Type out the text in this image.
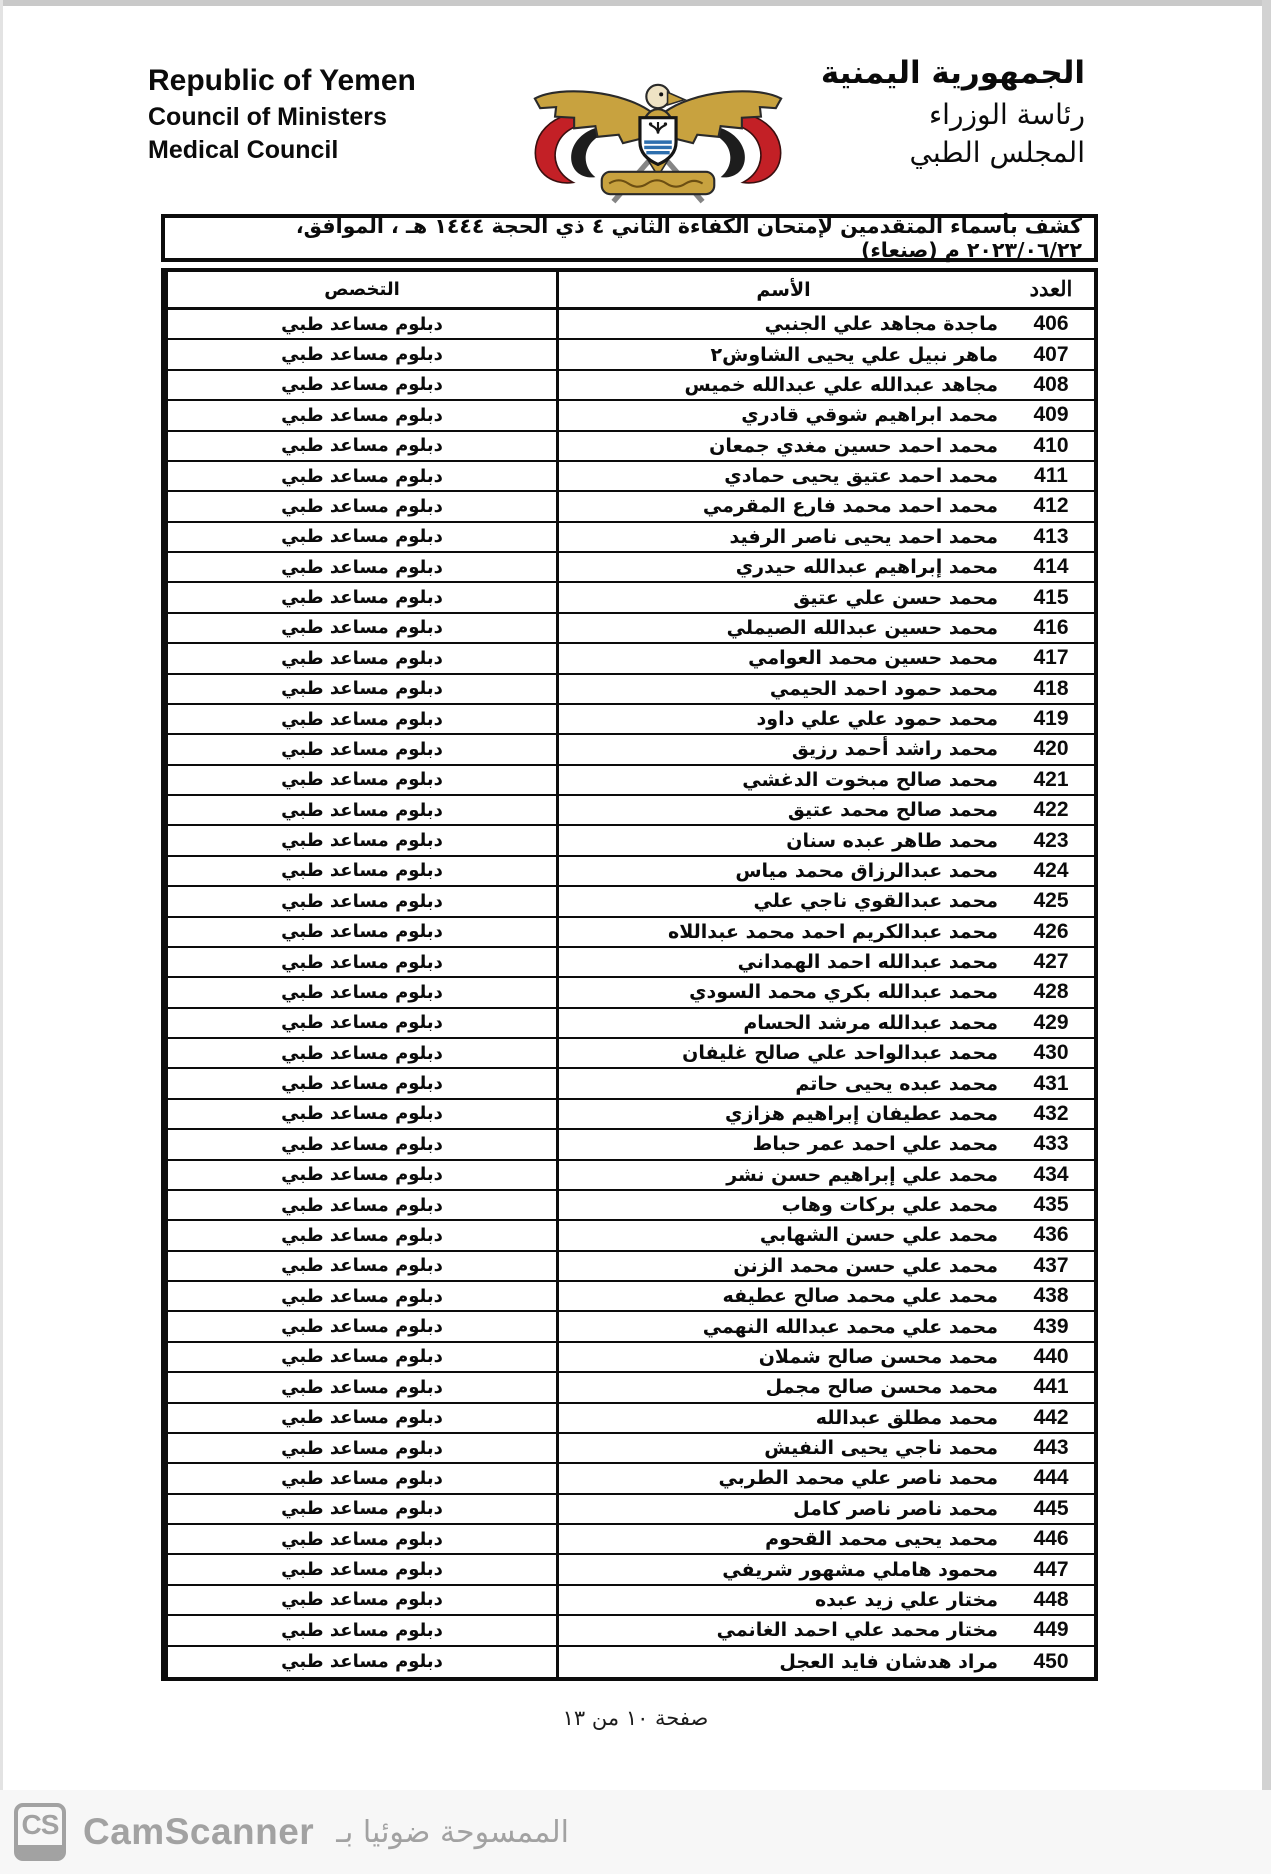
Republic of Yemen
Council of Ministers
Medical Council
الجمهورية اليمنية
رئاسة الوزراء
المجلس الطبي
كشف بأسماء المتقدمين لإمتحان الكفاءة الثاني ٤ ذي الحجة ١٤٤٤ هـ ، الموافق، ٢٠٢٣/٠٦/٢٢ م (صنعاء)
العدد
الأسم
التخصص
406
ماجدة مجاهد علي الجنبي
دبلوم مساعد طبي
407
ماهر نبيل علي يحيى الشاوش٢
دبلوم مساعد طبي
408
مجاهد عبدالله علي عبدالله خميس
دبلوم مساعد طبي
409
محمد ابراهيم شوقي قادري
دبلوم مساعد طبي
410
محمد احمد حسين مغدي جمعان
دبلوم مساعد طبي
411
محمد احمد عتيق يحيى حمادي
دبلوم مساعد طبي
412
محمد احمد محمد فارع المقرمي
دبلوم مساعد طبي
413
محمد احمد يحيى ناصر الرفيد
دبلوم مساعد طبي
414
محمد إبراهيم عبدالله حيدري
دبلوم مساعد طبي
415
محمد حسن علي عتيق
دبلوم مساعد طبي
416
محمد حسين عبدالله الصيملي
دبلوم مساعد طبي
417
محمد حسين محمد العوامي
دبلوم مساعد طبي
418
محمد حمود احمد الحيمي
دبلوم مساعد طبي
419
محمد حمود علي علي داود
دبلوم مساعد طبي
420
محمد راشد أحمد رزيق
دبلوم مساعد طبي
421
محمد صالح مبخوت الدغشي
دبلوم مساعد طبي
422
محمد صالح محمد عتيق
دبلوم مساعد طبي
423
محمد طاهر عبده سنان
دبلوم مساعد طبي
424
محمد عبدالرزاق محمد مياس
دبلوم مساعد طبي
425
محمد عبدالقوي ناجي علي
دبلوم مساعد طبي
426
محمد عبدالكريم احمد محمد عبداللاه
دبلوم مساعد طبي
427
محمد عبدالله احمد الهمداني
دبلوم مساعد طبي
428
محمد عبدالله بكري محمد السودي
دبلوم مساعد طبي
429
محمد عبدالله مرشد الحسام
دبلوم مساعد طبي
430
محمد عبدالواحد علي صالح غليفان
دبلوم مساعد طبي
431
محمد عبده يحيى حاتم
دبلوم مساعد طبي
432
محمد عطيفان إبراهيم هزازي
دبلوم مساعد طبي
433
محمد علي احمد عمر حباط
دبلوم مساعد طبي
434
محمد علي إبراهيم حسن نشر
دبلوم مساعد طبي
435
محمد علي بركات وهاب
دبلوم مساعد طبي
436
محمد علي حسن الشهابي
دبلوم مساعد طبي
437
محمد علي حسن محمد الزنن
دبلوم مساعد طبي
438
محمد علي محمد صالح عطيفه
دبلوم مساعد طبي
439
محمد علي محمد عبدالله النهمي
دبلوم مساعد طبي
440
محمد محسن صالح شملان
دبلوم مساعد طبي
441
محمد محسن صالح مجمل
دبلوم مساعد طبي
442
محمد مطلق عبدالله
دبلوم مساعد طبي
443
محمد ناجي يحيى النفيش
دبلوم مساعد طبي
444
محمد ناصر علي محمد الطربي
دبلوم مساعد طبي
445
محمد ناصر ناصر كامل
دبلوم مساعد طبي
446
محمد يحيى محمد القحوم
دبلوم مساعد طبي
447
محمود هاملي مشهور شريفي
دبلوم مساعد طبي
448
مختار علي زيد عبده
دبلوم مساعد طبي
449
مختار محمد علي احمد الغانمي
دبلوم مساعد طبي
450
مراد هدشان فايد العجل
دبلوم مساعد طبي
صفحة ١٠ من ١٣
CS CamScanner الممسوحة ضوئيا بـ
